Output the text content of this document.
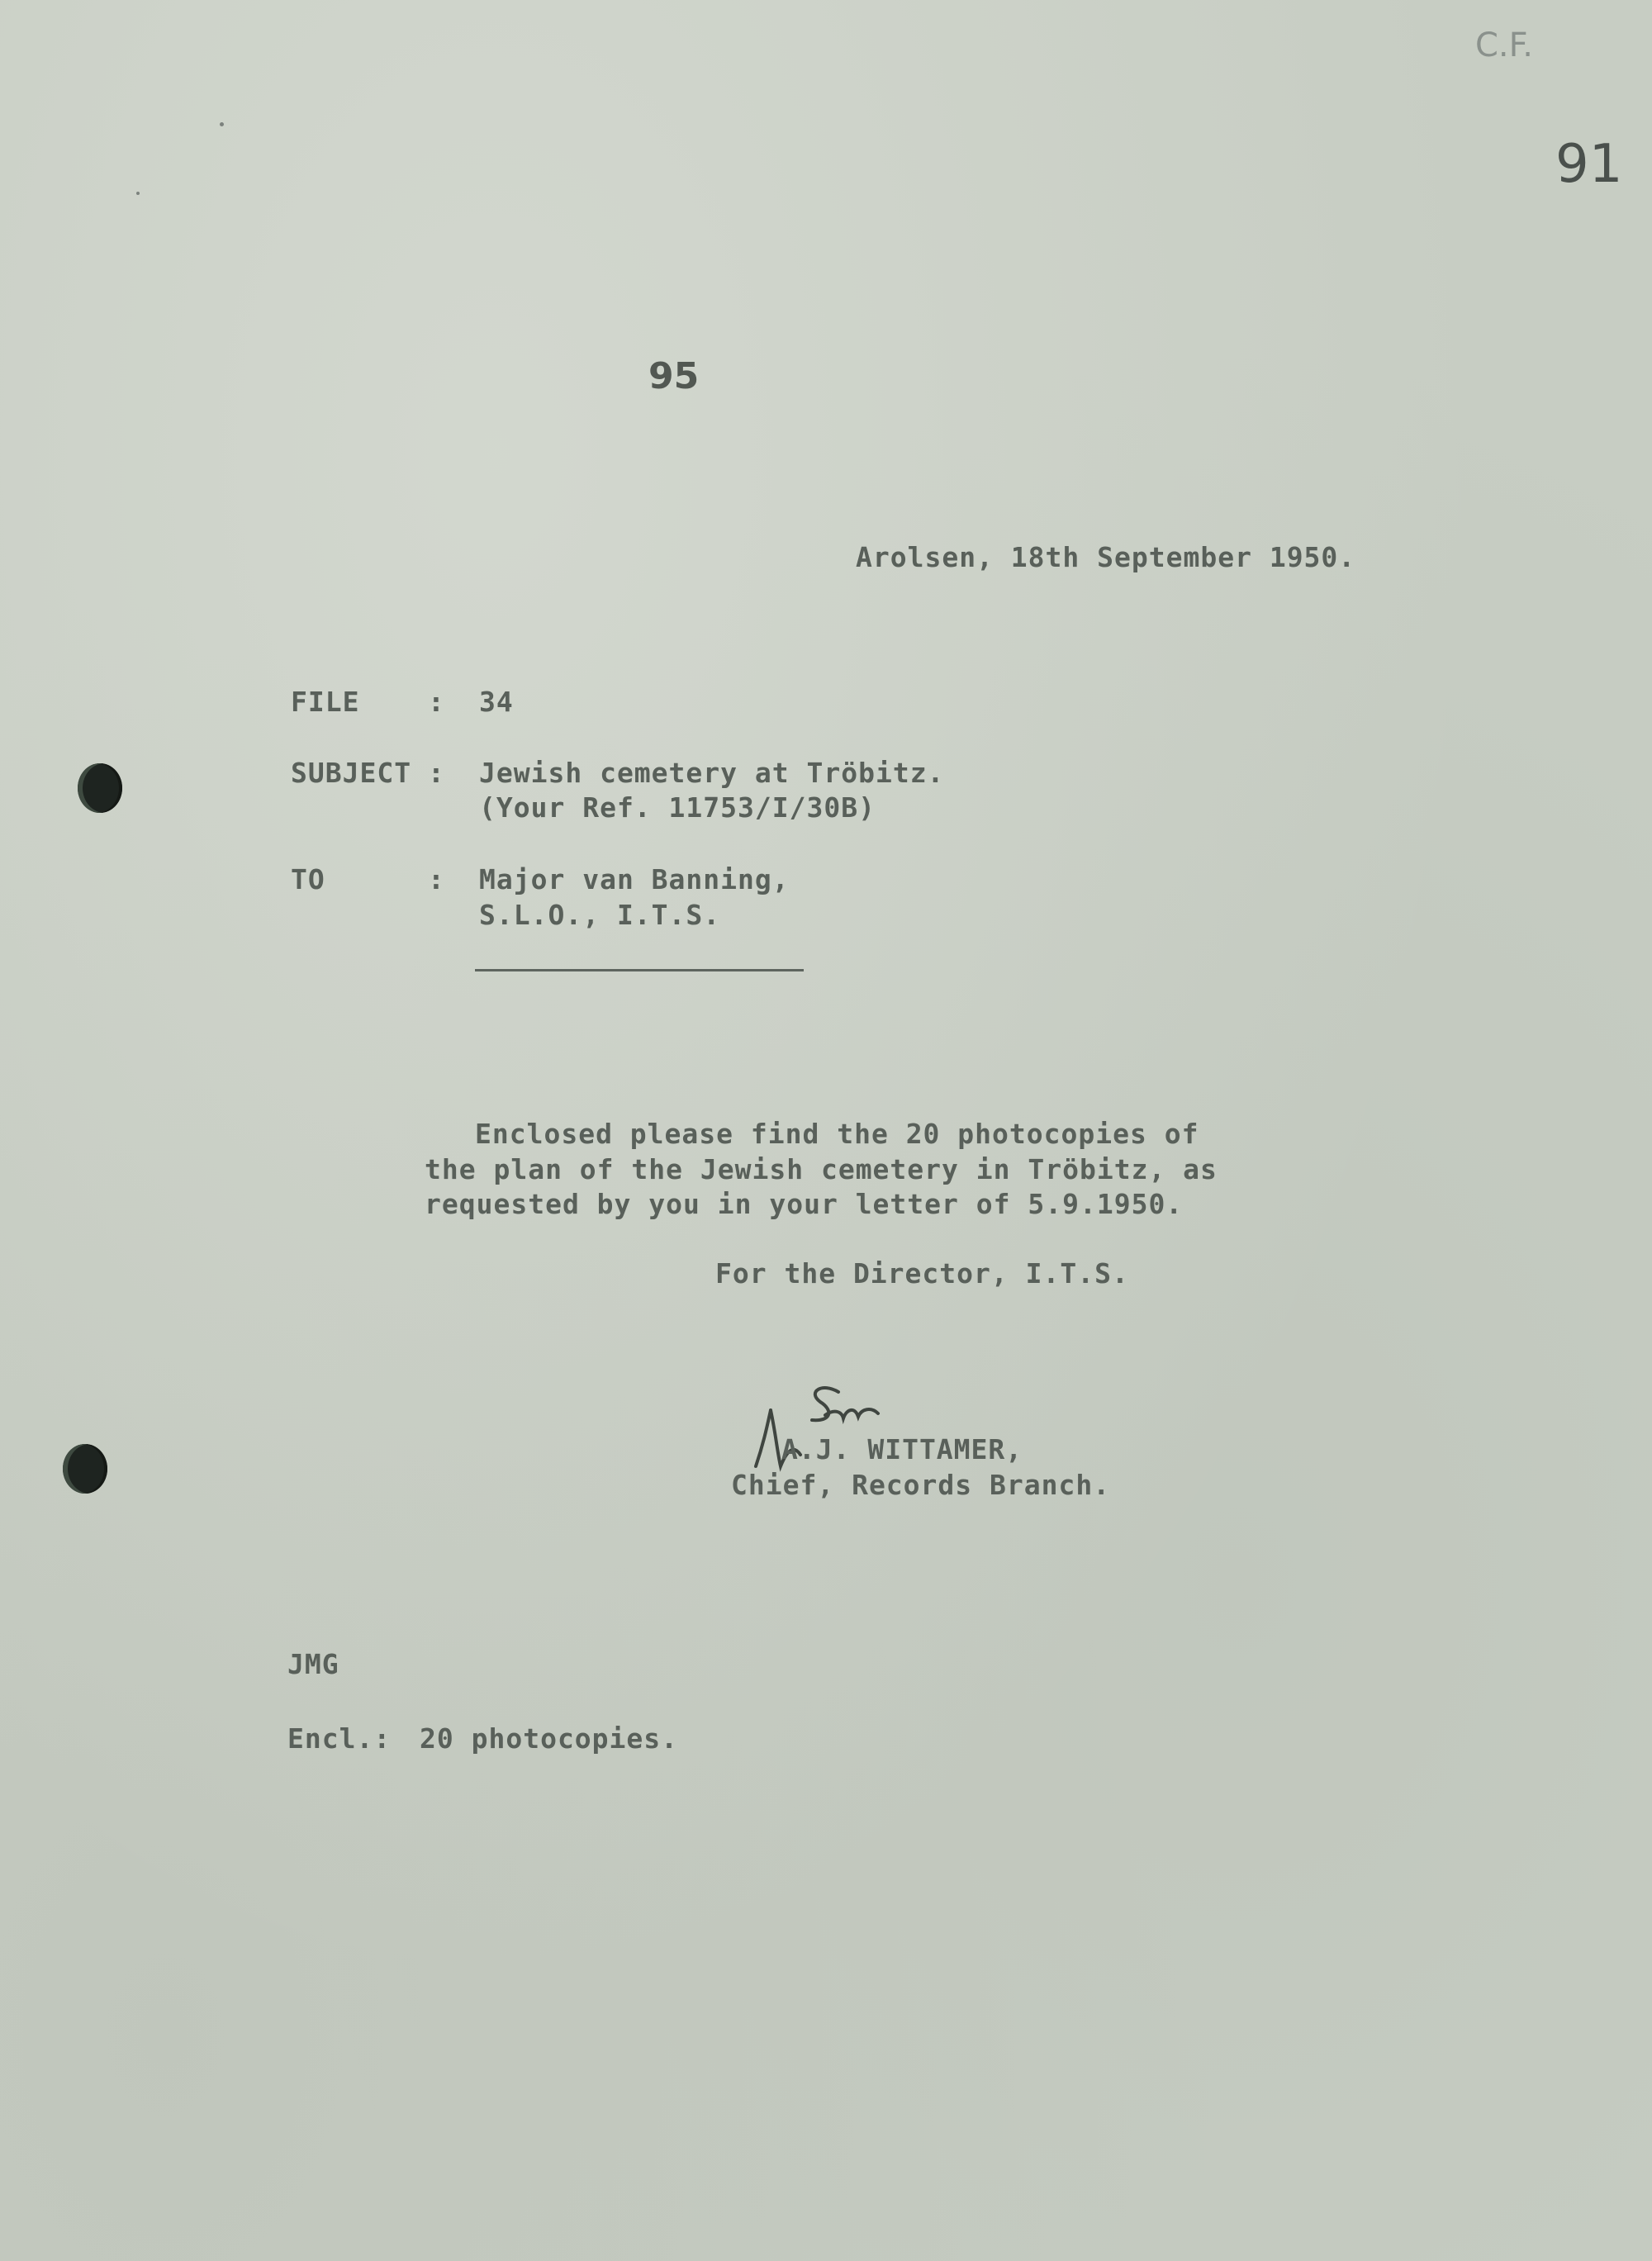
C.F.
91
95
Arolsen, 18th September 1950.
FILE	: 34
SUBJECT : Jewish cemetery at Tröbitz.
(Your Ref. 11753/I/30B)
TO	: Major van Banning,
S.L.O., I.T.S.
Enclosed please find the 20 photocopies of
the plan of the Jewish cemetery in Tröbitz, as
requested by you in your letter of 5.9.1950.
For the Director, I.T.S.
A.J. WITTAMER,
Chief, Records Branch.
JMG
Encl.: 20 photocopies.
